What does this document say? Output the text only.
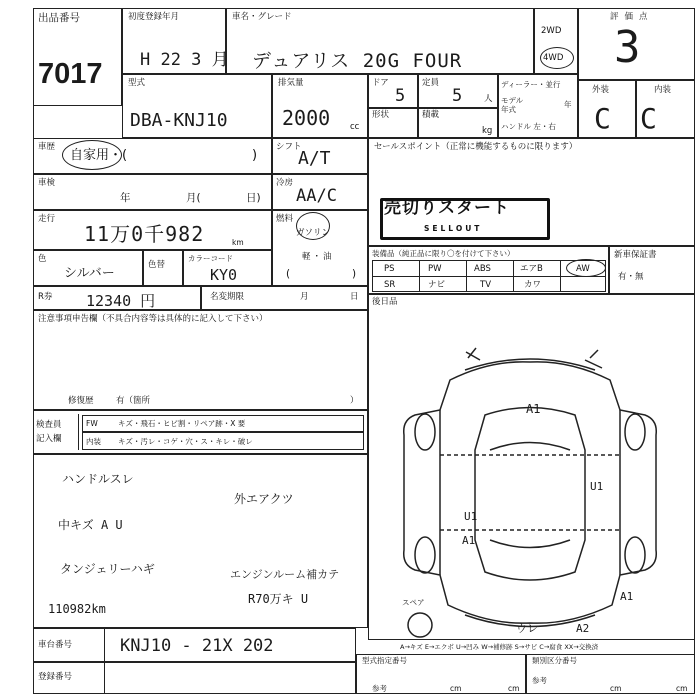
出品番号
7017
初度登録年月
H 22 3 月
車名・グレード
デュアリス 20G FOUR
2WD
4WD
評価点
3
型式
DBA-KNJ10
排気量
2000 cc
ドア
5
定員
5	人
形状	積載
kg
ディーラー・並行
モデル年式
年
ハンドル 左・右
外装	内装
C C
車歴
自家用・(	)
シフト
A/T
車検
年	月(	日)
冷房
AA/C
走行
11万0千982	km
燃料
ガソリン
軽・油
色
シルバー
色替
カラーコード
KY0	(	)
R券 12340 円	名変期限	月	日
注意事項申告欄（不具合内容等は具体的に記入して下さい）
修復歴	有（箇所	）
検査員
記入欄
FW	キズ・飛石・ヒビ割・リペア跡・X 要
内装 キズ・汚レ・コゲ・穴・ス・キレ・破レ
ハンドルスレ
中キズ A U
タンジェリーハギ
110982km
外エアクツ
エンジンルーム補カテ
R70万キ U
車台番号	KNJ10 - 21X 202
登録番号
セールスポイント（正常に機能するものに限ります）
売切りスタート
SELLOUT
装備品（純正品に限り〇を付けて下さい）	新車保証書
有・無
PS	PW	ABS	エアB	AW
SR	ナビ	TV	カワ
後日品
A1
U1
U1
A1
A1
スペア
ウレ	A2
A→キズ E→エクボ U→凹み W→補修跡 S→サビ C→腐食 XX→交換済
型式指定番号
参考	cm	cm
類別区分番号
参考
cm	cm
